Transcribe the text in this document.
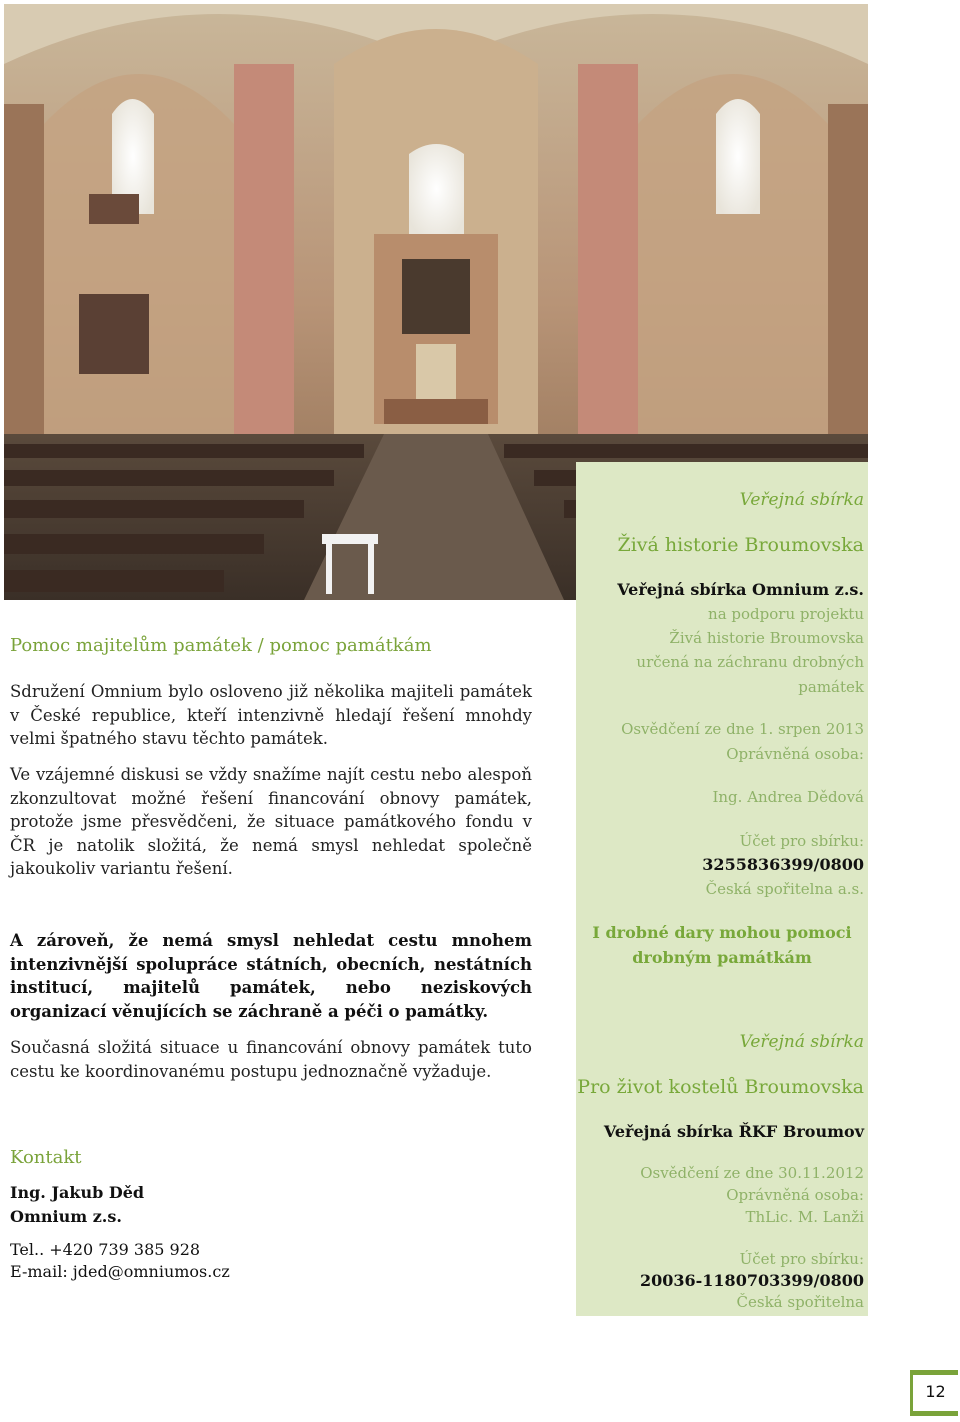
Veřejná sbírka
Živá historie Broumovska
Veřejná sbírka Omnium z.s.
na podporu projektu
Živá historie Broumovska
určená na záchranu drobných
památek
Osvědčení ze dne 1. srpen 2013
Oprávněná osoba:
Ing. Andrea Dědová
Účet pro sbírku:
3255836399/0800
Česká spořitelna a.s.
I drobné dary mohou pomoci
drobným památkám
Veřejná sbírka
Pro život kostelů Broumovska
Veřejná sbírka ŘKF Broumov
Osvědčení ze dne 30.11.2012
Oprávněná osoba:
ThLic. M. Lanži
Účet pro sbírku:
20036-1180703399/0800
Česká spořitelna
Pomoc majitelům památek / pomoc památkám
Sdružení Omnium bylo osloveno již několika majiteli památek v České republice, kteří intenzivně hledají řešení mnohdy velmi špatného stavu těchto památek.
Ve vzájemné diskusi se vždy snažíme najít cestu nebo alespoň zkonzultovat možné řešení financování obnovy památek, protože jsme přesvědčeni, že situace památkového fondu v ČR je natolik složitá, že nemá smysl nehledat společně jakoukoliv variantu řešení.
A zároveň, že nemá smysl nehledat cestu mnohem intenzivnější spolupráce státních, obecních, nestátních institucí, majitelů památek, nebo neziskových organizací věnujících se záchraně a péči o památky.
Současná složitá situace u financování obnovy památek tuto cestu ke koordinovanému postupu jednoznačně vyžaduje.
Kontakt
Ing. Jakub Děd
Omnium z.s.
Tel.. +420 739 385 928
E-mail: jded@omniumos.cz
12
